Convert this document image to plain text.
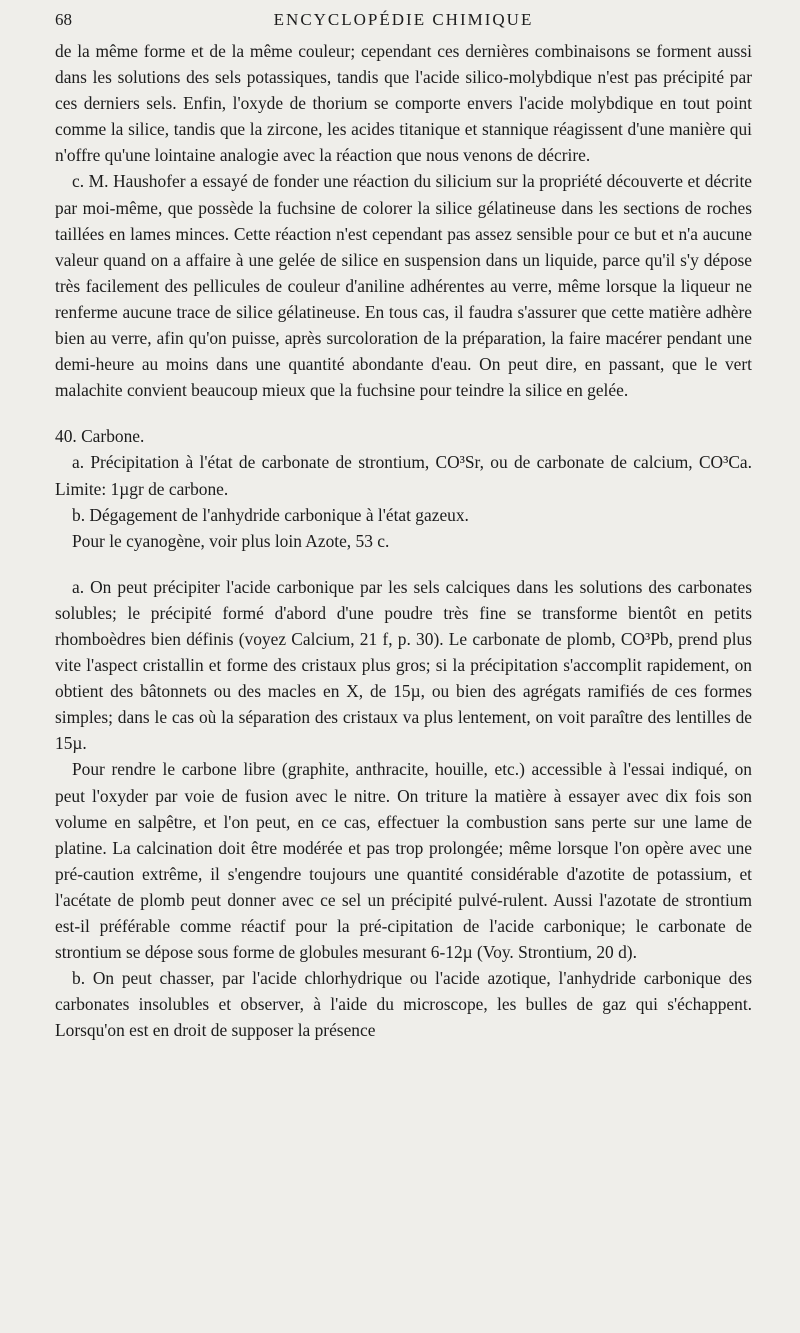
68	ENCYCLOPÉDIE CHIMIQUE

de la même forme et de la même couleur; cependant ces dernières combinaisons se forment aussi dans les solutions des sels potassiques, tandis que l'acide silico-molybdique n'est pas précipité par ces derniers sels. Enfin, l'oxyde de thorium se comporte envers l'acide molybdique en tout point comme la silice, tandis que la zircone, les acides titanique et stannique réagissent d'une manière qui n'offre qu'une lointaine analogie avec la réaction que nous venons de décrire.

c. M. Haushofer a essayé de fonder une réaction du silicium sur la propriété découverte et décrite par moi-même, que possède la fuchsine de colorer la silice gélatineuse dans les sections de roches taillées en lames minces. Cette réaction n'est cependant pas assez sensible pour ce but et n'a aucune valeur quand on a affaire à une gelée de silice en suspension dans un liquide, parce qu'il s'y dépose très facilement des pellicules de couleur d'aniline adhérentes au verre, même lorsque la liqueur ne renferme aucune trace de silice gélatineuse. En tous cas, il faudra s'assurer que cette matière adhère bien au verre, afin qu'on puisse, après surcoloration de la préparation, la faire macérer pendant une demi-heure au moins dans une quantité abondante d'eau. On peut dire, en passant, que le vert malachite convient beaucoup mieux que la fuchsine pour teindre la silice en gelée.

40. Carbone.

a. Précipitation à l'état de carbonate de strontium, CO³Sr, ou de carbonate de calcium, CO³Ca. Limite: 1µgr de carbone.

b. Dégagement de l'anhydride carbonique à l'état gazeux.

Pour le cyanogène, voir plus loin Azote, 53 c.

a. On peut précipiter l'acide carbonique par les sels calciques dans les solutions des carbonates solubles; le précipité formé d'abord d'une poudre très fine se transforme bientôt en petits rhomboèdres bien définis (voyez Calcium, 21 f, p. 30). Le carbonate de plomb, CO³Pb, prend plus vite l'aspect cristallin et forme des cristaux plus gros; si la précipitation s'accomplit rapidement, on obtient des bâtonnets ou des macles en X, de 15µ, ou bien des agrégats ramifiés de ces formes simples; dans le cas où la séparation des cristaux va plus lentement, on voit paraître des lentilles de 15µ.

Pour rendre le carbone libre (graphite, anthracite, houille, etc.) accessible à l'essai indiqué, on peut l'oxyder par voie de fusion avec le nitre. On triture la matière à essayer avec dix fois son volume en salpêtre, et l'on peut, en ce cas, effectuer la combustion sans perte sur une lame de platine. La calcination doit être modérée et pas trop prolongée; même lorsque l'on opère avec une pré-caution extrême, il s'engendre toujours une quantité considérable d'azotite de potassium, et l'acétate de plomb peut donner avec ce sel un précipité pulvé-rulent. Aussi l'azotate de strontium est-il préférable comme réactif pour la pré-cipitation de l'acide carbonique; le carbonate de strontium se dépose sous forme de globules mesurant 6-12µ (Voy. Strontium, 20 d).

b. On peut chasser, par l'acide chlorhydrique ou l'acide azotique, l'anhydride carbonique des carbonates insolubles et observer, à l'aide du microscope, les bulles de gaz qui s'échappent. Lorsqu'on est en droit de supposer la présence
